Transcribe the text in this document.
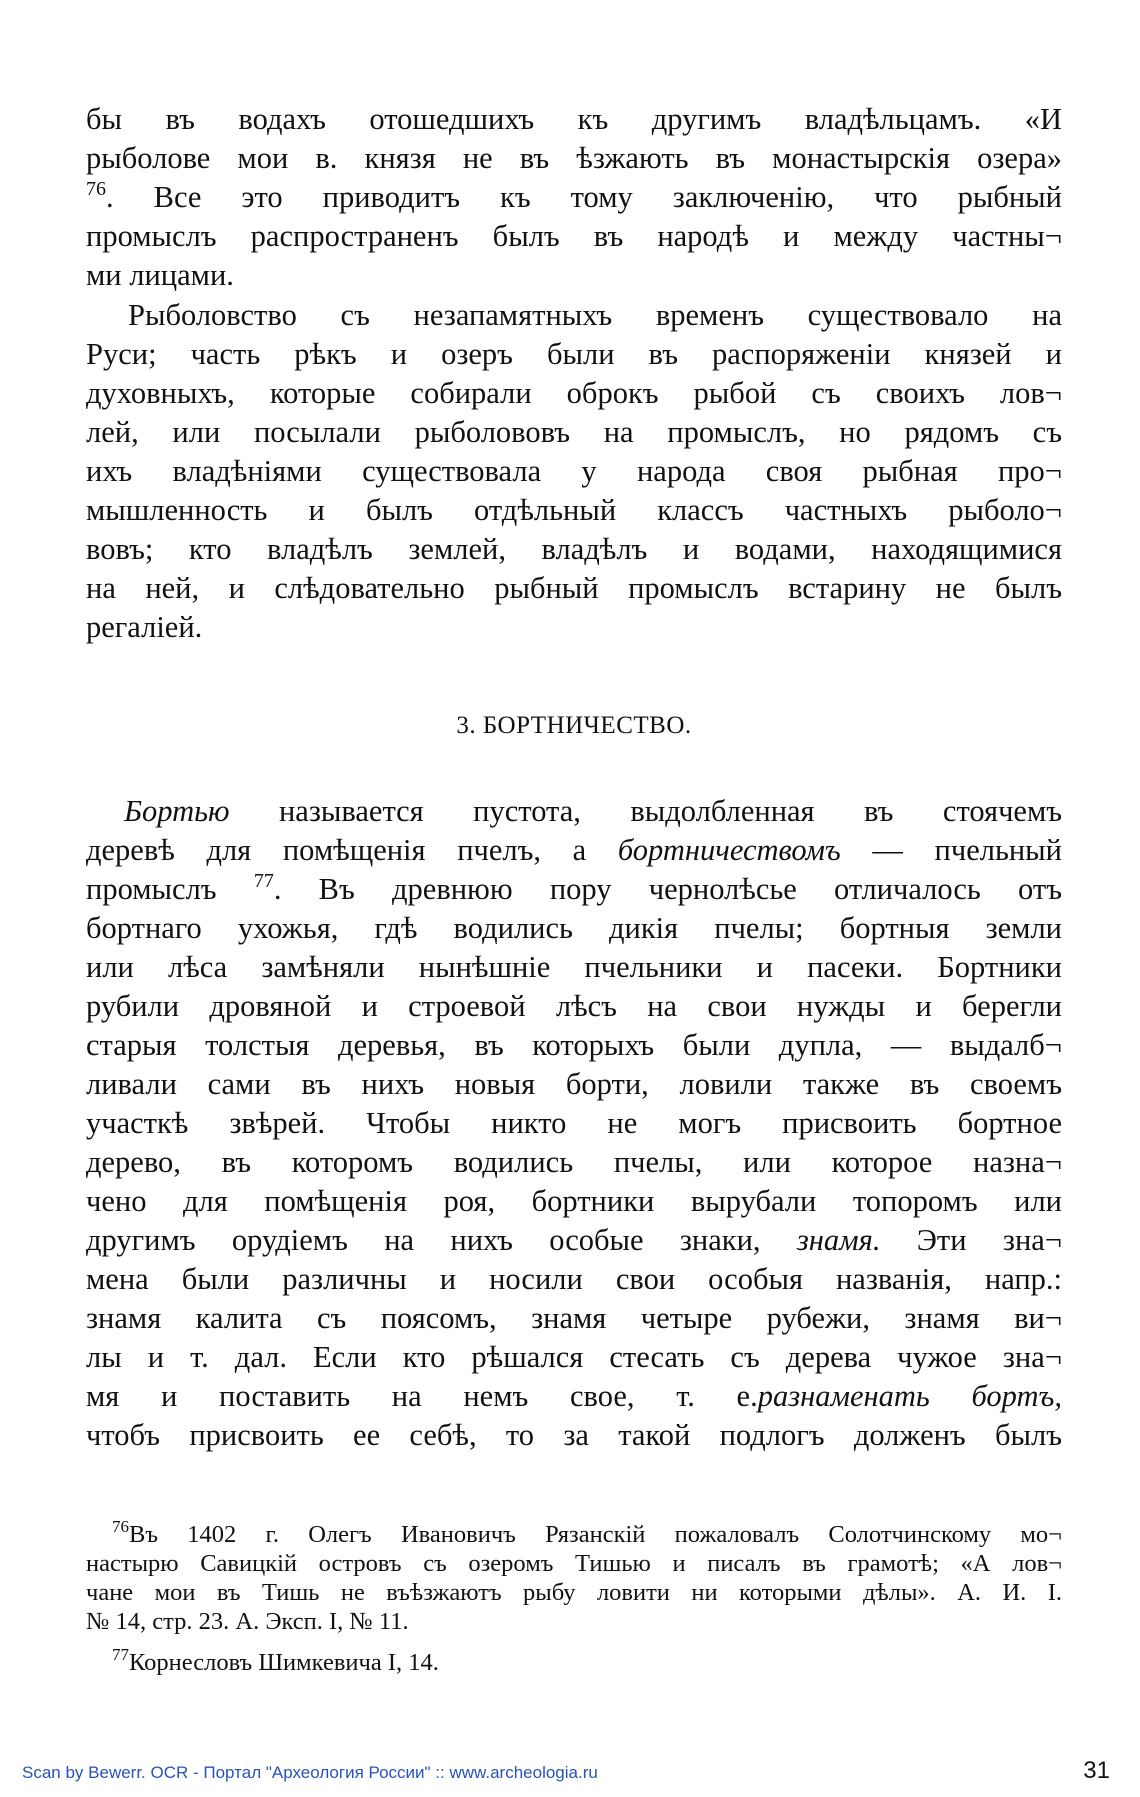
бы въ водахъ отошедшихъ къ другимъ владѣльцамъ. «И
рыболове мои в. князя не въ ѣзжають въ монастырскія озера»
$^{76}$. Все это приводитъ къ тому заключенію, что рыбный
промыслъ распространенъ былъ въ народѣ и между частны¬
ми лицами.
Рыболовство съ незапамятныхъ временъ существовало на
Руси; часть рѣкъ и озеръ были въ распоряженіи князей и
духовныхъ, которые собирали оброкъ рыбой съ своихъ лов¬
лей, или посылали рыболововъ на промыслъ, но рядомъ съ
ихъ владѣніями существовала у народа своя рыбная про¬
мышленность и былъ отдѣльный классъ частныхъ рыболо¬
вовъ; кто владѣлъ землей, владѣлъ и водами, находящимися
на ней, и слѣдовательно рыбный промыслъ встарину не былъ
регаліей.
3. БОРТНИЧЕСТВО.
Бортью называется пустота, выдолбленная въ стоячемъ
деревѣ для помѣщенія пчелъ, а бортничествомъ — пчельный
промыслъ $^{77}$. Въ древнюю пору чернолѣсье отличалось отъ
бортнаго ухожья, гдѣ водились дикія пчелы; бортныя земли
или лѣса замѣняли нынѣшніе пчельники и пасеки. Бортники
рубили дровяной и строевой лѣсъ на свои нужды и берегли
старыя толстыя деревья, въ которыхъ были дупла, — выдалб¬
ливали сами въ нихъ новыя борти, ловили также въ своемъ
участкѣ звѣрей. Чтобы никто не могъ присвоить бортное
дерево, въ которомъ водились пчелы, или которое назна¬
чено для помѣщенія роя, бортники вырубали топоромъ или
другимъ орудіемъ на нихъ особые знаки, знамя. Эти зна¬
мена были различны и носили свои особыя названія, напр.:
знамя калита съ поясомъ, знамя четыре рубежи, знамя ви¬
лы и т. дал. Если кто рѣшался стесать съ дерева чужое зна¬
мя и поставить на немъ свое, т. е.разнаменать бортъ,
чтобъ присвоить ее себѣ, то за такой подлогъ долженъ былъ
$^{76}$Въ 1402 г. Олегъ Ивановичъ Рязанскій пожаловалъ Солотчинскому мо¬
настырю Савицкій островъ съ озеромъ Тишью и писалъ въ грамотѣ; «А лов¬
чане мои въ Тишь не въѣзжаютъ рыбу ловити ни которыми дѣлы». А. И. I.
№ 14, стр. 23. А. Эксп. I, № 11.
$^{77}$Корнесловъ Шимкевича I, 14.
Scan by Bewerr. OCR - Портал "Археология России" :: www.archeologia.ru	31
